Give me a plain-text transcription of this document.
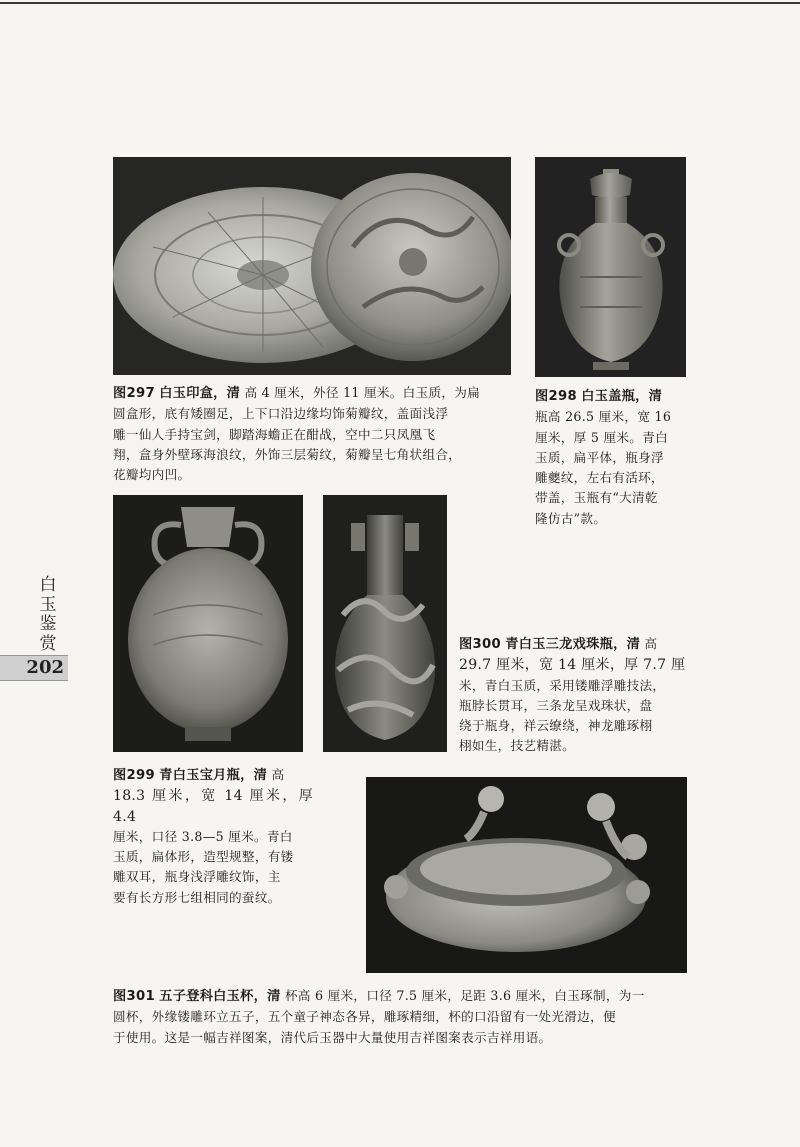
图297 白玉印盒，清 高 4 厘米，外径 11 厘米。白玉质，为扁
圆盒形，底有矮圈足，上下口沿边缘均饰菊瓣纹，盖面浅浮
雕一仙人手持宝剑，脚踏海蟾正在酣战，空中二只凤凰飞
翔，盒身外壁琢海浪纹，外饰三层菊纹，菊瓣呈七角状组合，
花瓣均内凹。
图298 白玉盖瓶，清
瓶高 26.5 厘米，宽 16
厘米，厚 5 厘米。青白
玉质，扁平体，瓶身浮
雕夔纹，左右有活环，
带盖，玉瓶有“大清乾
隆仿古”款。
图300 青白玉三龙戏珠瓶，清 高
29.7 厘米，宽 14 厘米，厚 7.7 厘
米，青白玉质，采用镂雕浮雕技法，
瓶脖长贯耳，三条龙呈戏珠状，盘
绕于瓶身，祥云缭绕，神龙雕琢栩
栩如生，技艺精湛。
图299 青白玉宝月瓶，清 高
18.3 厘米，宽 14 厘米，厚 4.4
厘米，口径 3.8—5 厘米。青白
玉质，扁体形，造型规整，有镂
雕双耳，瓶身浅浮雕纹饰，主
要有长方形七组相同的蚕纹。
图301 五子登科白玉杯，清 杯高 6 厘米，口径 7.5 厘米，足距 3.6 厘米，白玉琢制，为一
圆杯，外缘镂雕环立五子，五个童子神态各异，雕琢精细，杯的口沿留有一处光滑边，便
于使用。这是一幅吉祥图案，清代后玉器中大量使用吉祥图案表示吉祥用语。
白
玉
鉴
赏
202
